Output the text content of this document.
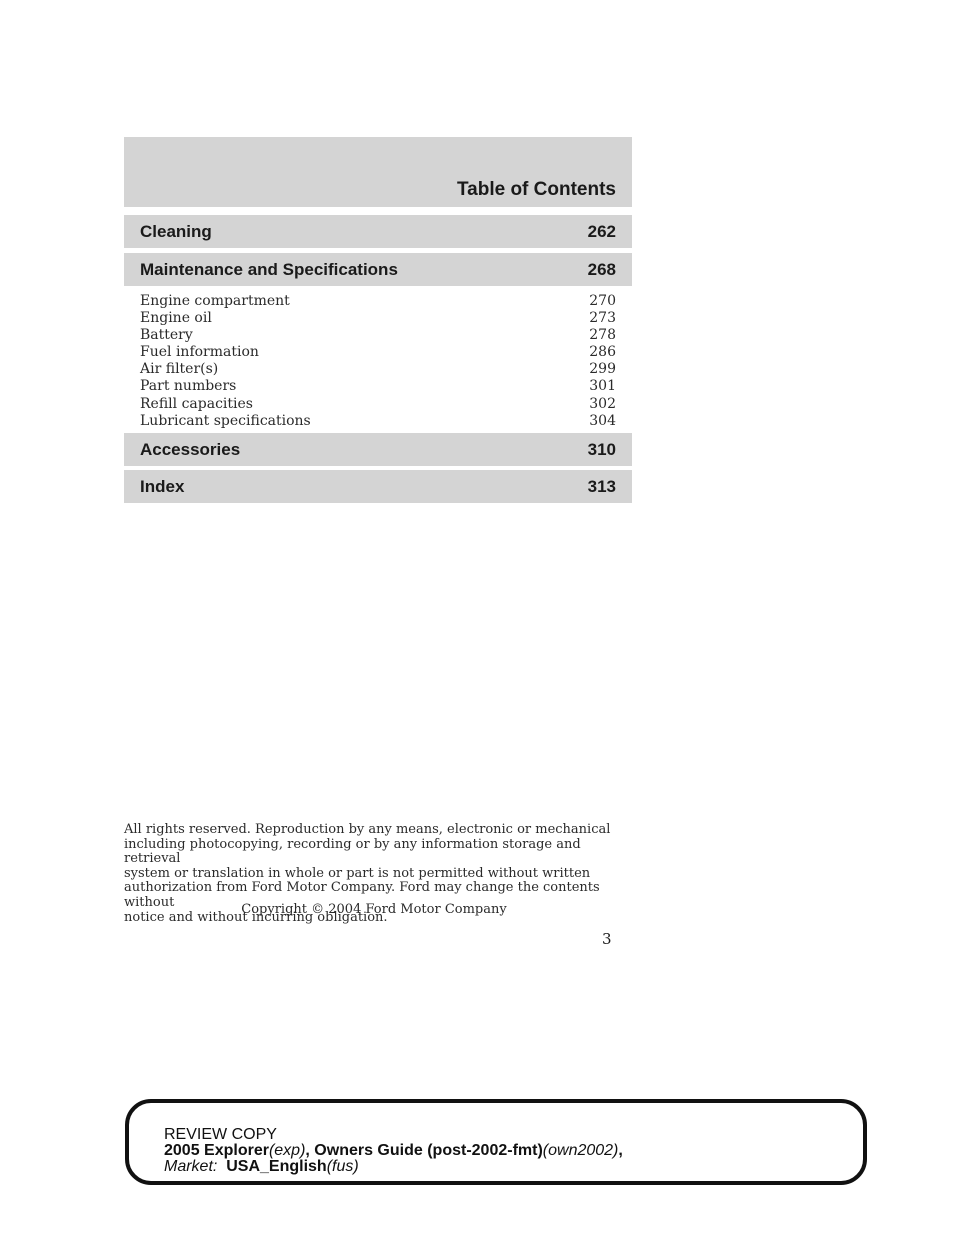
Table of Contents
Cleaning	262
Maintenance and Specifications	268
Engine compartment	270
Engine oil	273
Battery	278
Fuel information	286
Air filter(s)	299
Part numbers	301
Refill capacities	302
Lubricant specifications	304
Accessories	310
Index	313
All rights reserved. Reproduction by any means, electronic or mechanical
including photocopying, recording or by any information storage and retrieval
system or translation in whole or part is not permitted without written
authorization from Ford Motor Company. Ford may change the contents without
notice and without incurring obligation.
Copyright © 2004 Ford Motor Company
3
REVIEW COPY
2005 Explorer(exp), Owners Guide (post-2002-fmt)(own2002),
Market: USA_English(fus)
